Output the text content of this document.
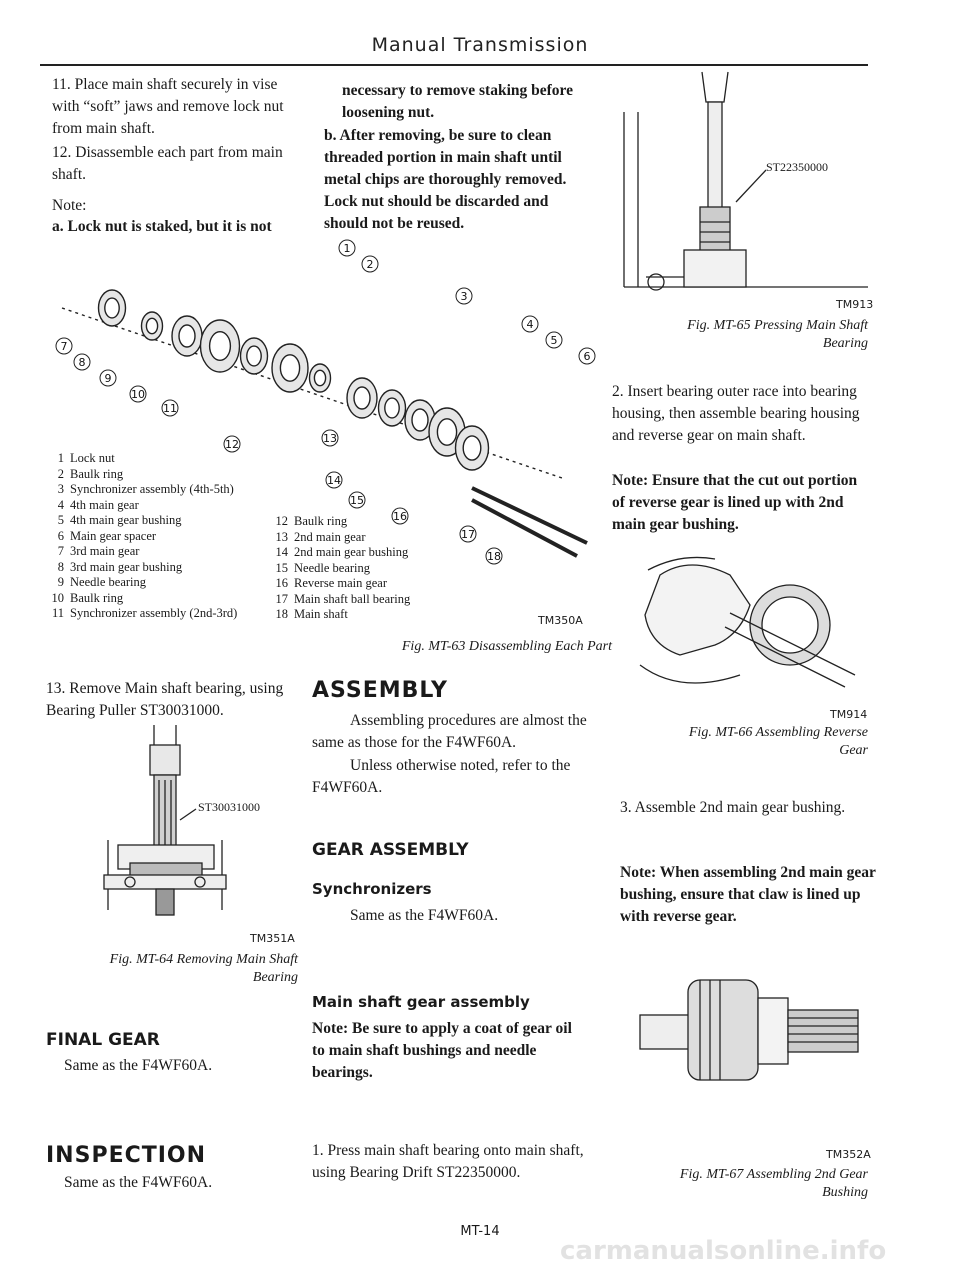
Manual Transmission
11. Place main shaft securely in vise with “soft” jaws and remove lock nut from main shaft.
12. Disassemble each part from main shaft.
Note:
a. Lock nut is staked, but it is not
necessary to remove staking before loosening nut.
b. After removing, be sure to clean threaded portion in main shaft until metal chips are thoroughly removed. Lock nut should be discarded and should not be reused.
1
2
3
4
5
6
7
8
9
10
11
12	13
14
15
16
17
18
1 Lock nut
2 Baulk ring
3 Synchronizer assembly (4th-5th)
4 4th main gear
5 4th main gear bushing
6 Main gear spacer
7 3rd main gear
8 3rd main gear bushing
9 Needle bearing
10 Baulk ring
11 Synchronizer assembly (2nd-3rd)
12 Baulk ring
13 2nd main gear
14 2nd main gear bushing
15 Needle bearing
16 Reverse main gear
17 Main shaft ball bearing
18 Main shaft	TM350A
Fig. MT-63 Disassembling Each Part
13. Remove Main shaft bearing, using Bearing Puller ST30031000.
ST30031000
TM351A
Fig. MT-64 Removing Main Shaft
Bearing
FINAL GEAR
Same as the F4WF60A.
INSPECTION
Same as the F4WF60A.
ASSEMBLY
Assembling procedures are almost the same as those for the F4WF60A.
Unless otherwise noted, refer to the F4WF60A.
GEAR ASSEMBLY
Synchronizers
Same as the F4WF60A.
Main shaft gear assembly
Note: Be sure to apply a coat of gear oil to main shaft bushings and needle bearings.
1. Press main shaft bearing onto main shaft, using Bearing Drift ST22350000.
ST22350000
TM913
Fig. MT-65 Pressing Main Shaft
Bearing
2. Insert bearing outer race into bearing housing, then assemble bearing housing and reverse gear on main shaft.
Note: Ensure that the cut out portion of reverse gear is lined up with 2nd main gear bushing.
TM914
Fig. MT-66 Assembling Reverse
Gear
3. Assemble 2nd main gear bushing.
Note: When assembling 2nd main gear bushing, ensure that claw is lined up with reverse gear.
TM352A
Fig. MT-67 Assembling 2nd Gear
Bushing
MT-14
carmanualsonline.info
